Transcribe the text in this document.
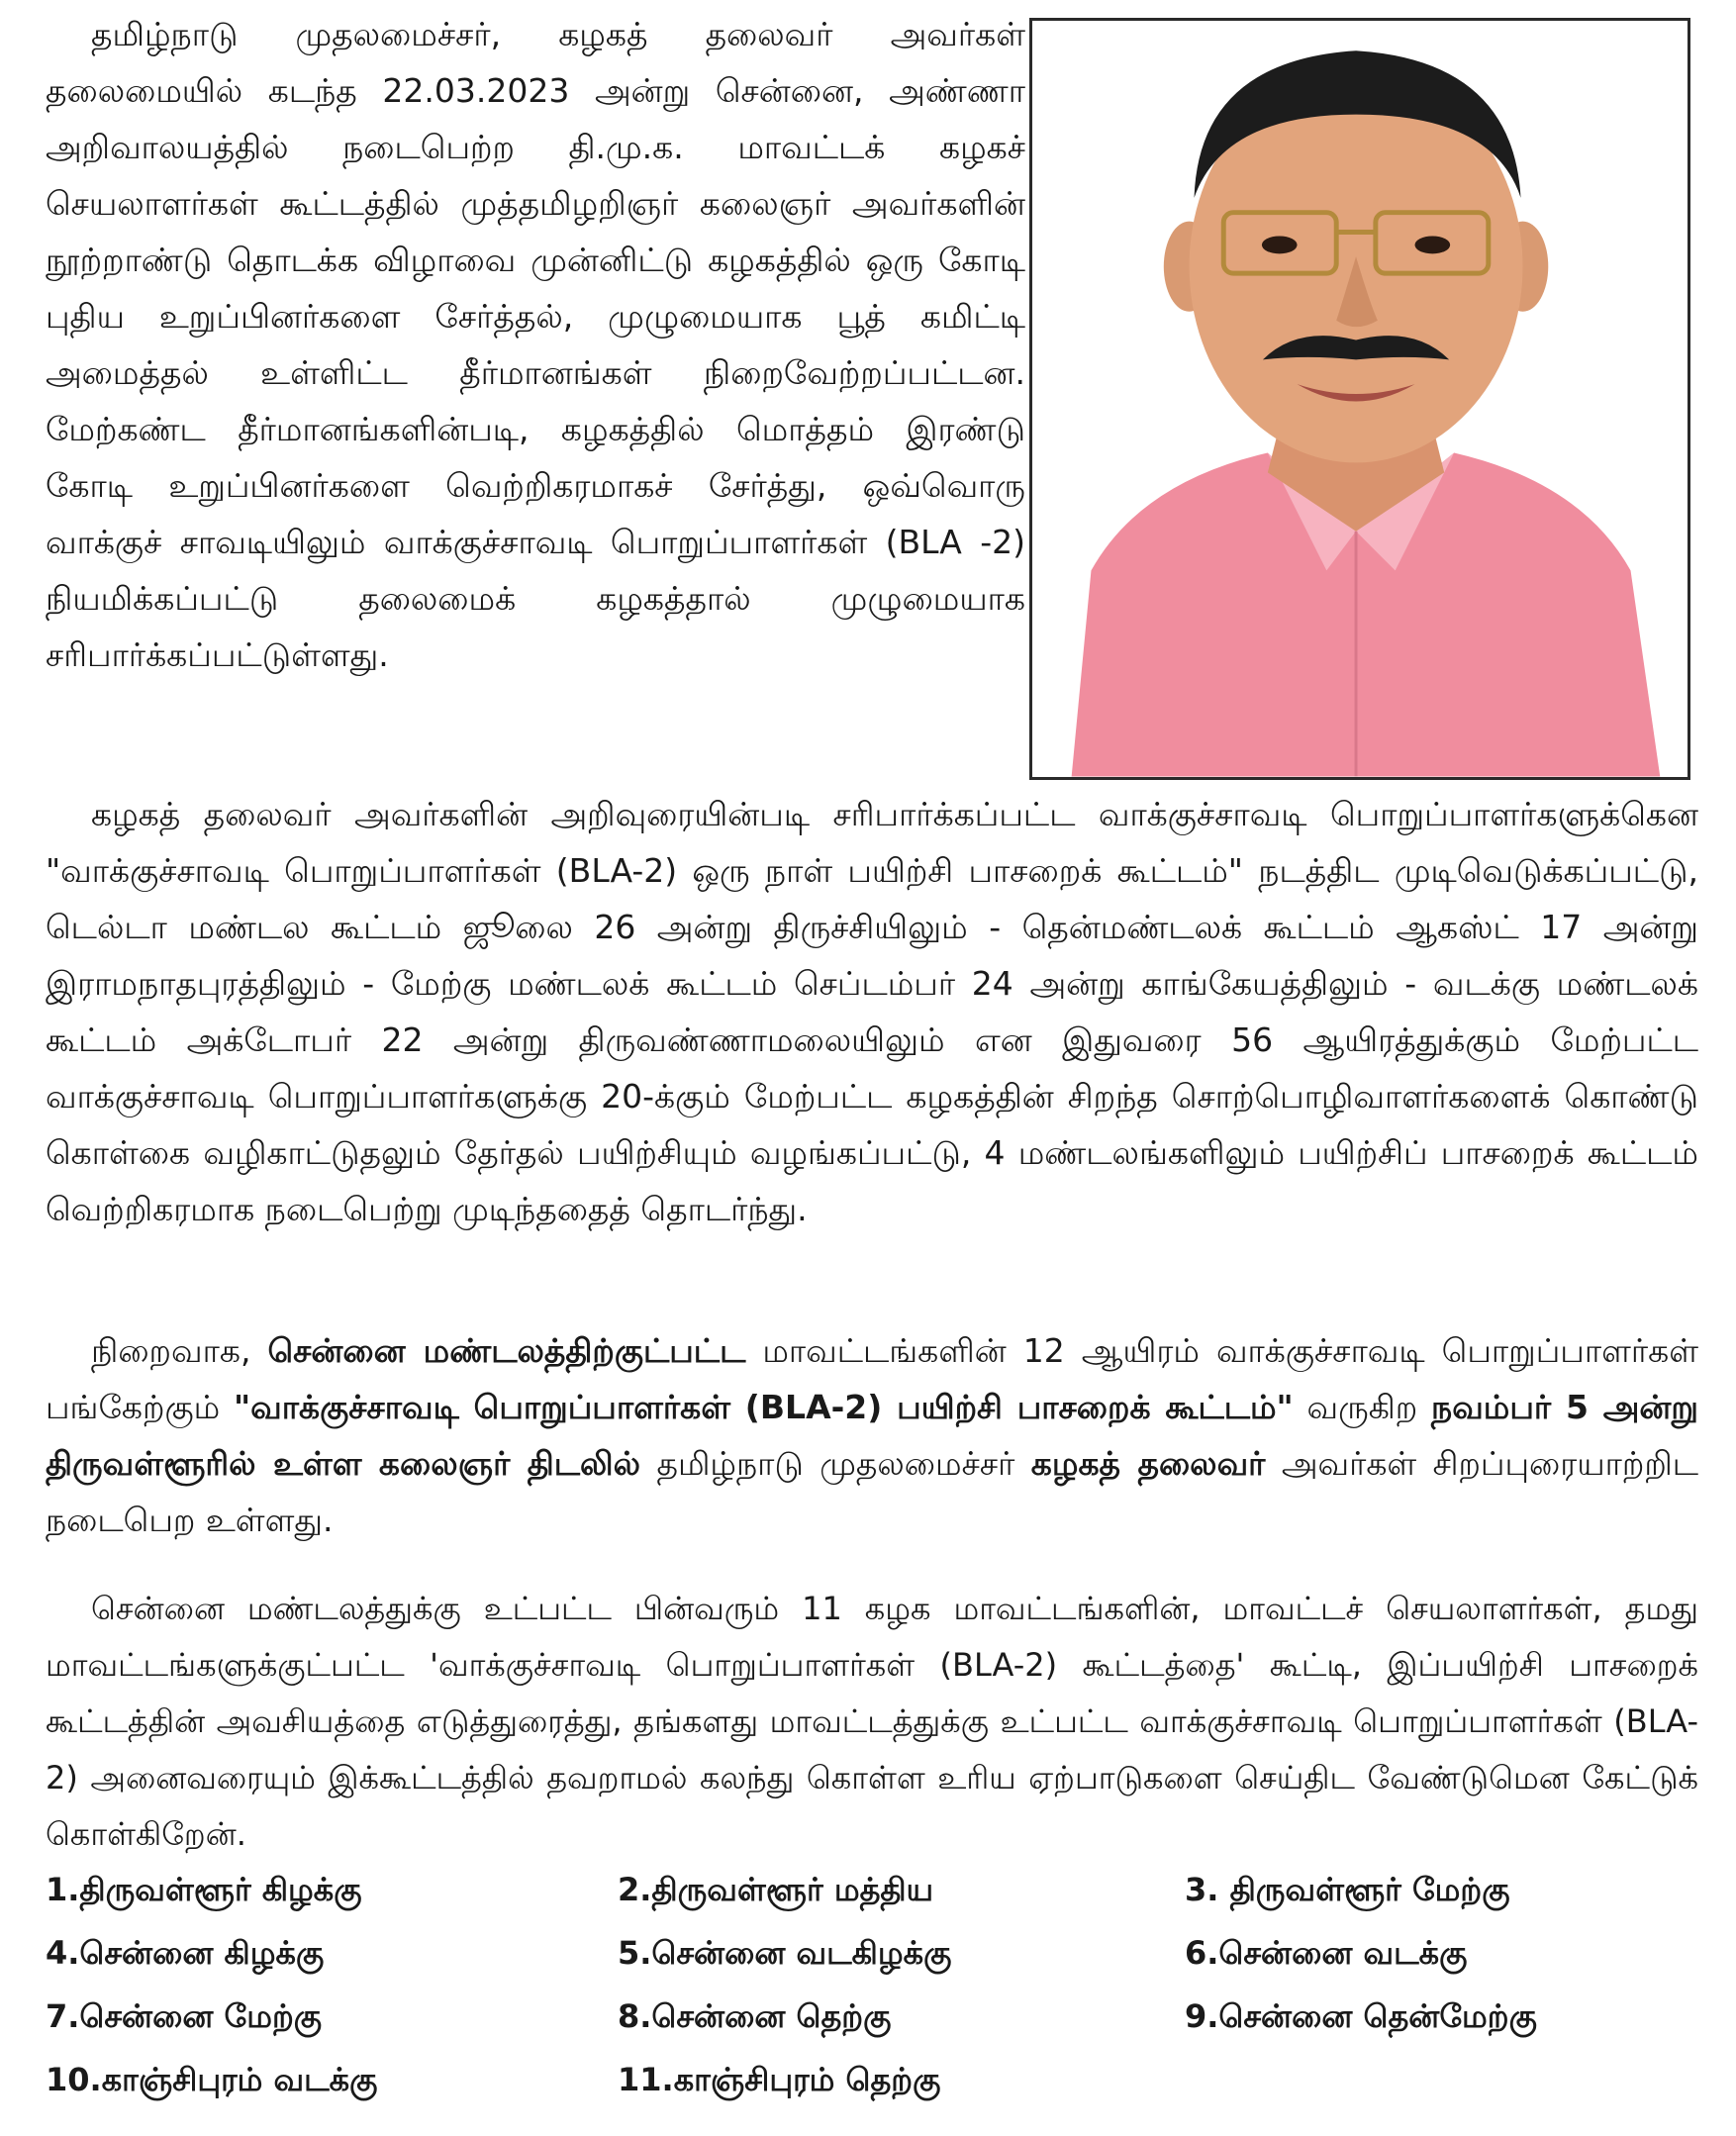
தமிழ்நாடு முதலமைச்சர், கழகத் தலைவர் அவர்கள் தலைமையில் கடந்த 22.03.2023 அன்று சென்னை, அண்ணா அறிவாலயத்தில் நடைபெற்ற தி.மு.க. மாவட்டக் கழகச் செயலாளர்கள் கூட்டத்தில் முத்தமிழறிஞர் கலைஞர் அவர்களின் நூற்றாண்டு தொடக்க விழாவை முன்னிட்டு கழகத்தில் ஒரு கோடி புதிய உறுப்பினர்களை சேர்த்தல், முழுமையாக பூத் கமிட்டி அமைத்தல் உள்ளிட்ட தீர்மானங்கள் நிறைவேற்றப்பட்டன. மேற்கண்ட தீர்மானங்களின்படி, கழகத்தில் மொத்தம் இரண்டு கோடி உறுப்பினர்களை வெற்றிகரமாகச் சேர்த்து, ஒவ்வொரு வாக்குச் சாவடியிலும் வாக்குச்சாவடி பொறுப்பாளர்கள் (BLA -2) நியமிக்கப்பட்டு தலைமைக் கழகத்தால் முழுமையாக சரிபார்க்கப்பட்டுள்ளது.

கழகத் தலைவர் அவர்களின் அறிவுரையின்படி சரிபார்க்கப்பட்ட வாக்குச்சாவடி பொறுப்பாளர்களுக்கென "வாக்குச்சாவடி பொறுப்பாளர்கள் (BLA-2) ஒரு நாள் பயிற்சி பாசறைக் கூட்டம்" நடத்திட முடிவெடுக்கப்பட்டு, டெல்டா மண்டல கூட்டம் ஜூலை 26 அன்று திருச்சியிலும் - தென்மண்டலக் கூட்டம் ஆகஸ்ட் 17 அன்று இராமநாதபுரத்திலும் - மேற்கு மண்டலக் கூட்டம் செப்டம்பர் 24 அன்று காங்கேயத்திலும் - வடக்கு மண்டலக் கூட்டம் அக்டோபர் 22 அன்று திருவண்ணாமலையிலும் என இதுவரை 56 ஆயிரத்துக்கும் மேற்பட்ட வாக்குச்சாவடி பொறுப்பாளர்களுக்கு 20-க்கும் மேற்பட்ட கழகத்தின் சிறந்த சொற்பொழிவாளர்களைக் கொண்டு கொள்கை வழிகாட்டுதலும் தேர்தல் பயிற்சியும் வழங்கப்பட்டு, 4 மண்டலங்களிலும் பயிற்சிப் பாசறைக் கூட்டம் வெற்றிகரமாக நடைபெற்று முடிந்ததைத் தொடர்ந்து.

நிறைவாக, சென்னை மண்டலத்திற்குட்பட்ட மாவட்டங்களின் 12 ஆயிரம் வாக்குச்சாவடி பொறுப்பாளர்கள் பங்கேற்கும் "வாக்குச்சாவடி பொறுப்பாளர்கள் (BLA-2) பயிற்சி பாசறைக் கூட்டம்" வருகிற நவம்பர் 5 அன்று திருவள்ளூரில் உள்ள கலைஞர் திடலில் தமிழ்நாடு முதலமைச்சர் கழகத் தலைவர் அவர்கள் சிறப்புரையாற்றிட நடைபெற உள்ளது.

சென்னை மண்டலத்துக்கு உட்பட்ட பின்வரும் 11 கழக மாவட்டங்களின், மாவட்டச் செயலாளர்கள், தமது மாவட்டங்களுக்குட்பட்ட 'வாக்குச்சாவடி பொறுப்பாளர்கள் (BLA-2) கூட்டத்தை' கூட்டி, இப்பயிற்சி பாசறைக் கூட்டத்தின் அவசியத்தை எடுத்துரைத்து, தங்களது மாவட்டத்துக்கு உட்பட்ட வாக்குச்சாவடி பொறுப்பாளர்கள் (BLA-2) அனைவரையும் இக்கூட்டத்தில் தவறாமல் கலந்து கொள்ள உரிய ஏற்பாடுகளை செய்திட வேண்டுமென கேட்டுக் கொள்கிறேன்.

1.திருவள்ளூர் கிழக்கு	2.திருவள்ளூர் மத்திய	3. திருவள்ளூர் மேற்கு
4.சென்னை கிழக்கு	5.சென்னை வடகிழக்கு	6.சென்னை வடக்கு
7.சென்னை மேற்கு	8.சென்னை தெற்கு	9.சென்னை தென்மேற்கு
10.காஞ்சிபுரம் வடக்கு	11.காஞ்சிபுரம் தெற்கு
